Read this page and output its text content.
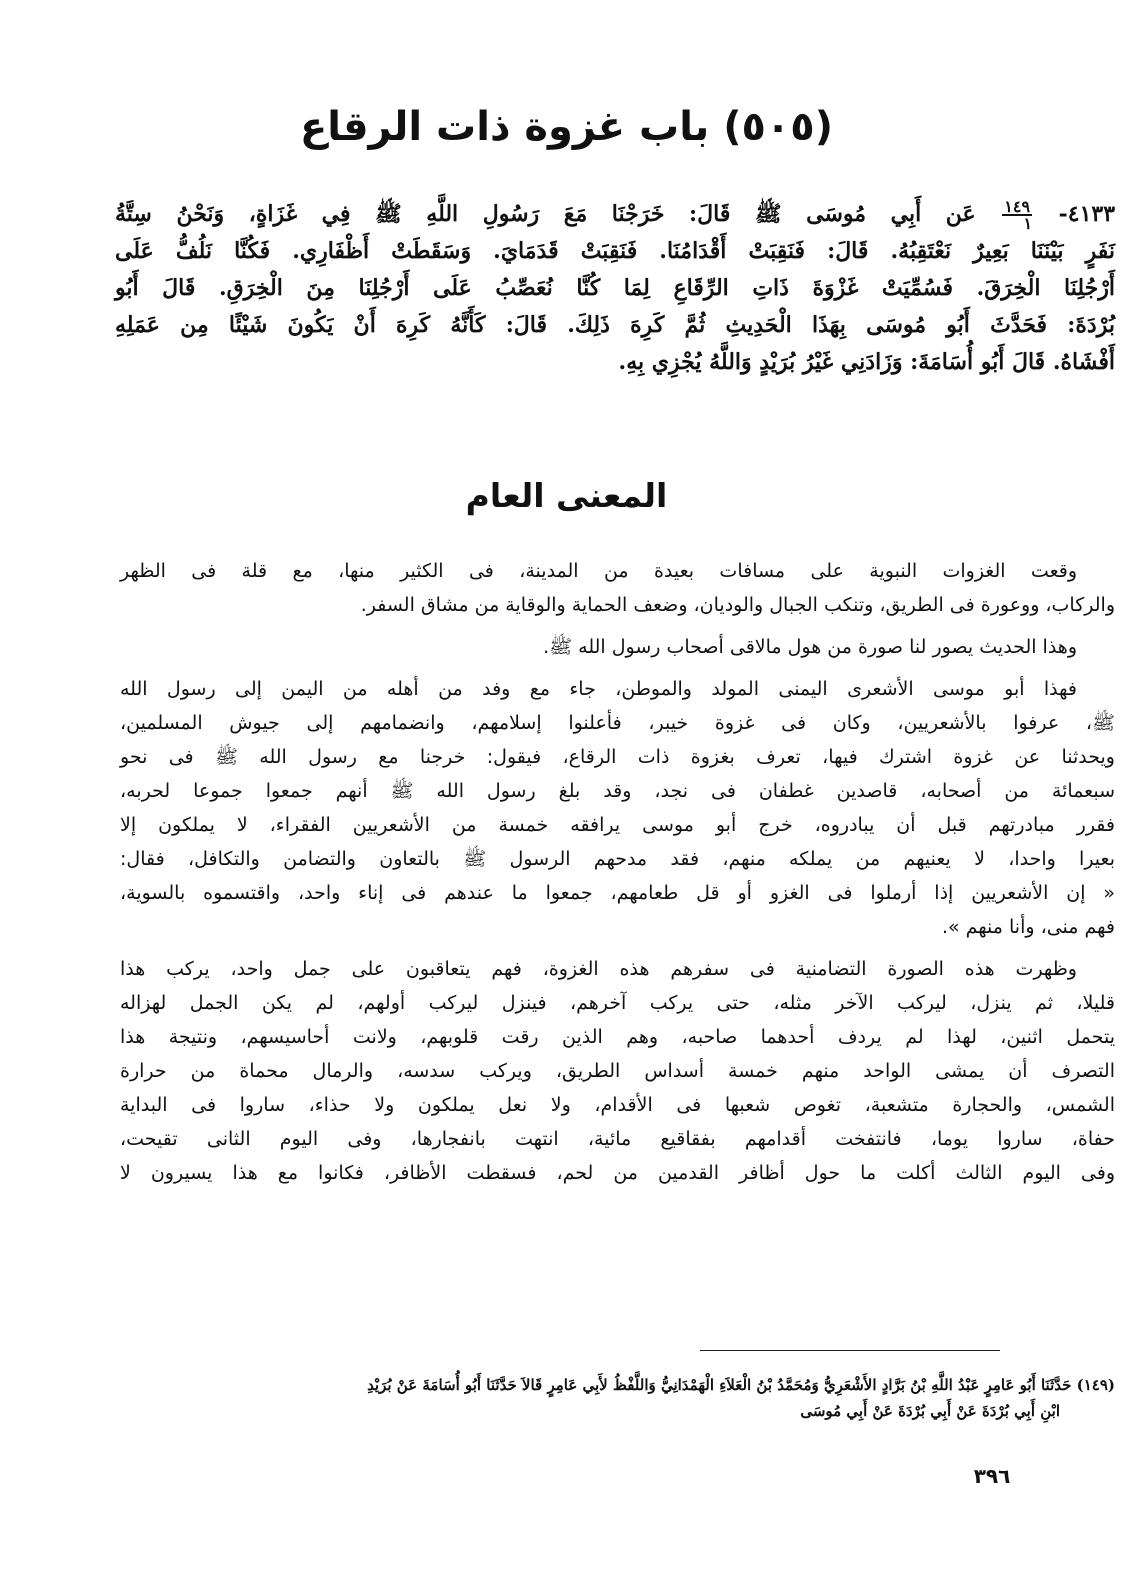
(٥٠٥) باب غزوة ذات الرقاع
٤١٣٣-
$\frac{١٤٩}{١}$
عَن أَبِي مُوسَى ﷺ قَالَ: خَرَجْنَا مَعَ رَسُولِ اللَّهِ ﷺ فِي غَزَاةٍ، وَنَحْنُ سِتَّةُ
نَفَرٍ بَيْنَنَا بَعِيرٌ نَعْتَقِبُهُ. قَالَ: فَنَقِبَتْ أَقْدَامُنَا. فَنَقِبَتْ قَدَمَايَ. وَسَقَطَتْ أَظْفَارِي. فَكُنَّا نَلُفُّ عَلَى
أَرْجُلِنَا الْخِرَقَ. فَسُمِّيَتْ غَزْوَةَ ذَاتِ الرِّقَاعِ لِمَا كُنَّا نُعَصِّبُ عَلَى أَرْجُلِنَا مِنَ الْخِرَقِ. قَالَ أَبُو
بُرْدَةَ: فَحَدَّثَ أَبُو مُوسَى بِهَذَا الْحَدِيثِ ثُمَّ كَرِهَ ذَلِكَ. قَالَ: كَأَنَّهُ كَرِهَ أَنْ يَكُونَ شَيْئًا مِن عَمَلِهِ
أَفْشَاهُ. قَالَ أَبُو أُسَامَةَ: وَزَادَنِي غَيْرُ بُرَيْدٍ وَاللَّهُ يُجْزِي بِهِ.
المعنى العام
وقعت الغزوات النبوية على مسافات بعيدة من المدينة، فى الكثير منها، مع قلة فى الظهر
والركاب، ووعورة فى الطريق، وتنكب الجبال والوديان، وضعف الحماية والوقاية من مشاق السفر.
وهذا الحديث يصور لنا صورة من هول مالاقى أصحاب رسول الله ﷺ.
فهذا أبو موسى الأشعرى اليمنى المولد والموطن، جاء مع وفد من أهله من اليمن إلى رسول الله
ﷺ، عرفوا بالأشعريين، وكان فى غزوة خيبر، فأعلنوا إسلامهم، وانضمامهم إلى جيوش المسلمين،
ويحدثنا عن غزوة اشترك فيها، تعرف بغزوة ذات الرقاع، فيقول: خرجنا مع رسول الله ﷺ فى نحو
سبعمائة من أصحابه، قاصدين غطفان فى نجد، وقد بلغ رسول الله ﷺ أنهم جمعوا جموعا لحربه،
فقرر مبادرتهم قبل أن يبادروه، خرج أبو موسى يرافقه خمسة من الأشعريين الفقراء، لا يملكون إلا
بعيرا واحدا، لا يعنيهم من يملكه منهم، فقد مدحهم الرسول ﷺ بالتعاون والتضامن والتكافل، فقال:
« إن الأشعريين إذا أرملوا فى الغزو أو قل طعامهم، جمعوا ما عندهم فى إناء واحد، واقتسموه بالسوية،
فهم منى، وأنا منهم ».
وظهرت هذه الصورة التضامنية فى سفرهم هذه الغزوة، فهم يتعاقبون على جمل واحد، يركب هذا
قليلا، ثم ينزل، ليركب الآخر مثله، حتى يركب آخرهم، فينزل ليركب أولهم، لم يكن الجمل لهزاله
يتحمل اثنين، لهذا لم يردف أحدهما صاحبه، وهم الذين رقت قلوبهم، ولانت أحاسيسهم، ونتيجة هذا
التصرف أن يمشى الواحد منهم خمسة أسداس الطريق، ويركب سدسه، والرمال محماة من حرارة
الشمس، والحجارة متشعبة، تغوص شعبها فى الأقدام، ولا نعل يملكون ولا حذاء، ساروا فى البداية
حفاة، ساروا يوما، فانتفخت أقدامهم بفقاقيع مائية، انتهت بانفجارها، وفى اليوم الثانى تقيحت،
وفى اليوم الثالث أكلت ما حول أظافر القدمين من لحم، فسقطت الأظافر، فكانوا مع هذا يسيرون لا
(١٤٩) حَدَّثَنَا أَبُو عَامِرٍ عَبْدُ اللَّهِ بْنُ بَرَّادٍ الأَشْعَرِيُّ وَمُحَمَّدُ بْنُ الْعَلاَءِ الْهَمْدَانِيُّ وَاللَّفْظُ لأَبِي عَامِرٍ قَالاَ حَدَّثَنَا أَبُو أُسَامَةَ عَنْ بُرَيْدِ
ابْنِ أَبِي بُرْدَةَ عَنْ أَبِي بُرْدَةَ عَنْ أَبِي مُوسَى
٣٩٦
